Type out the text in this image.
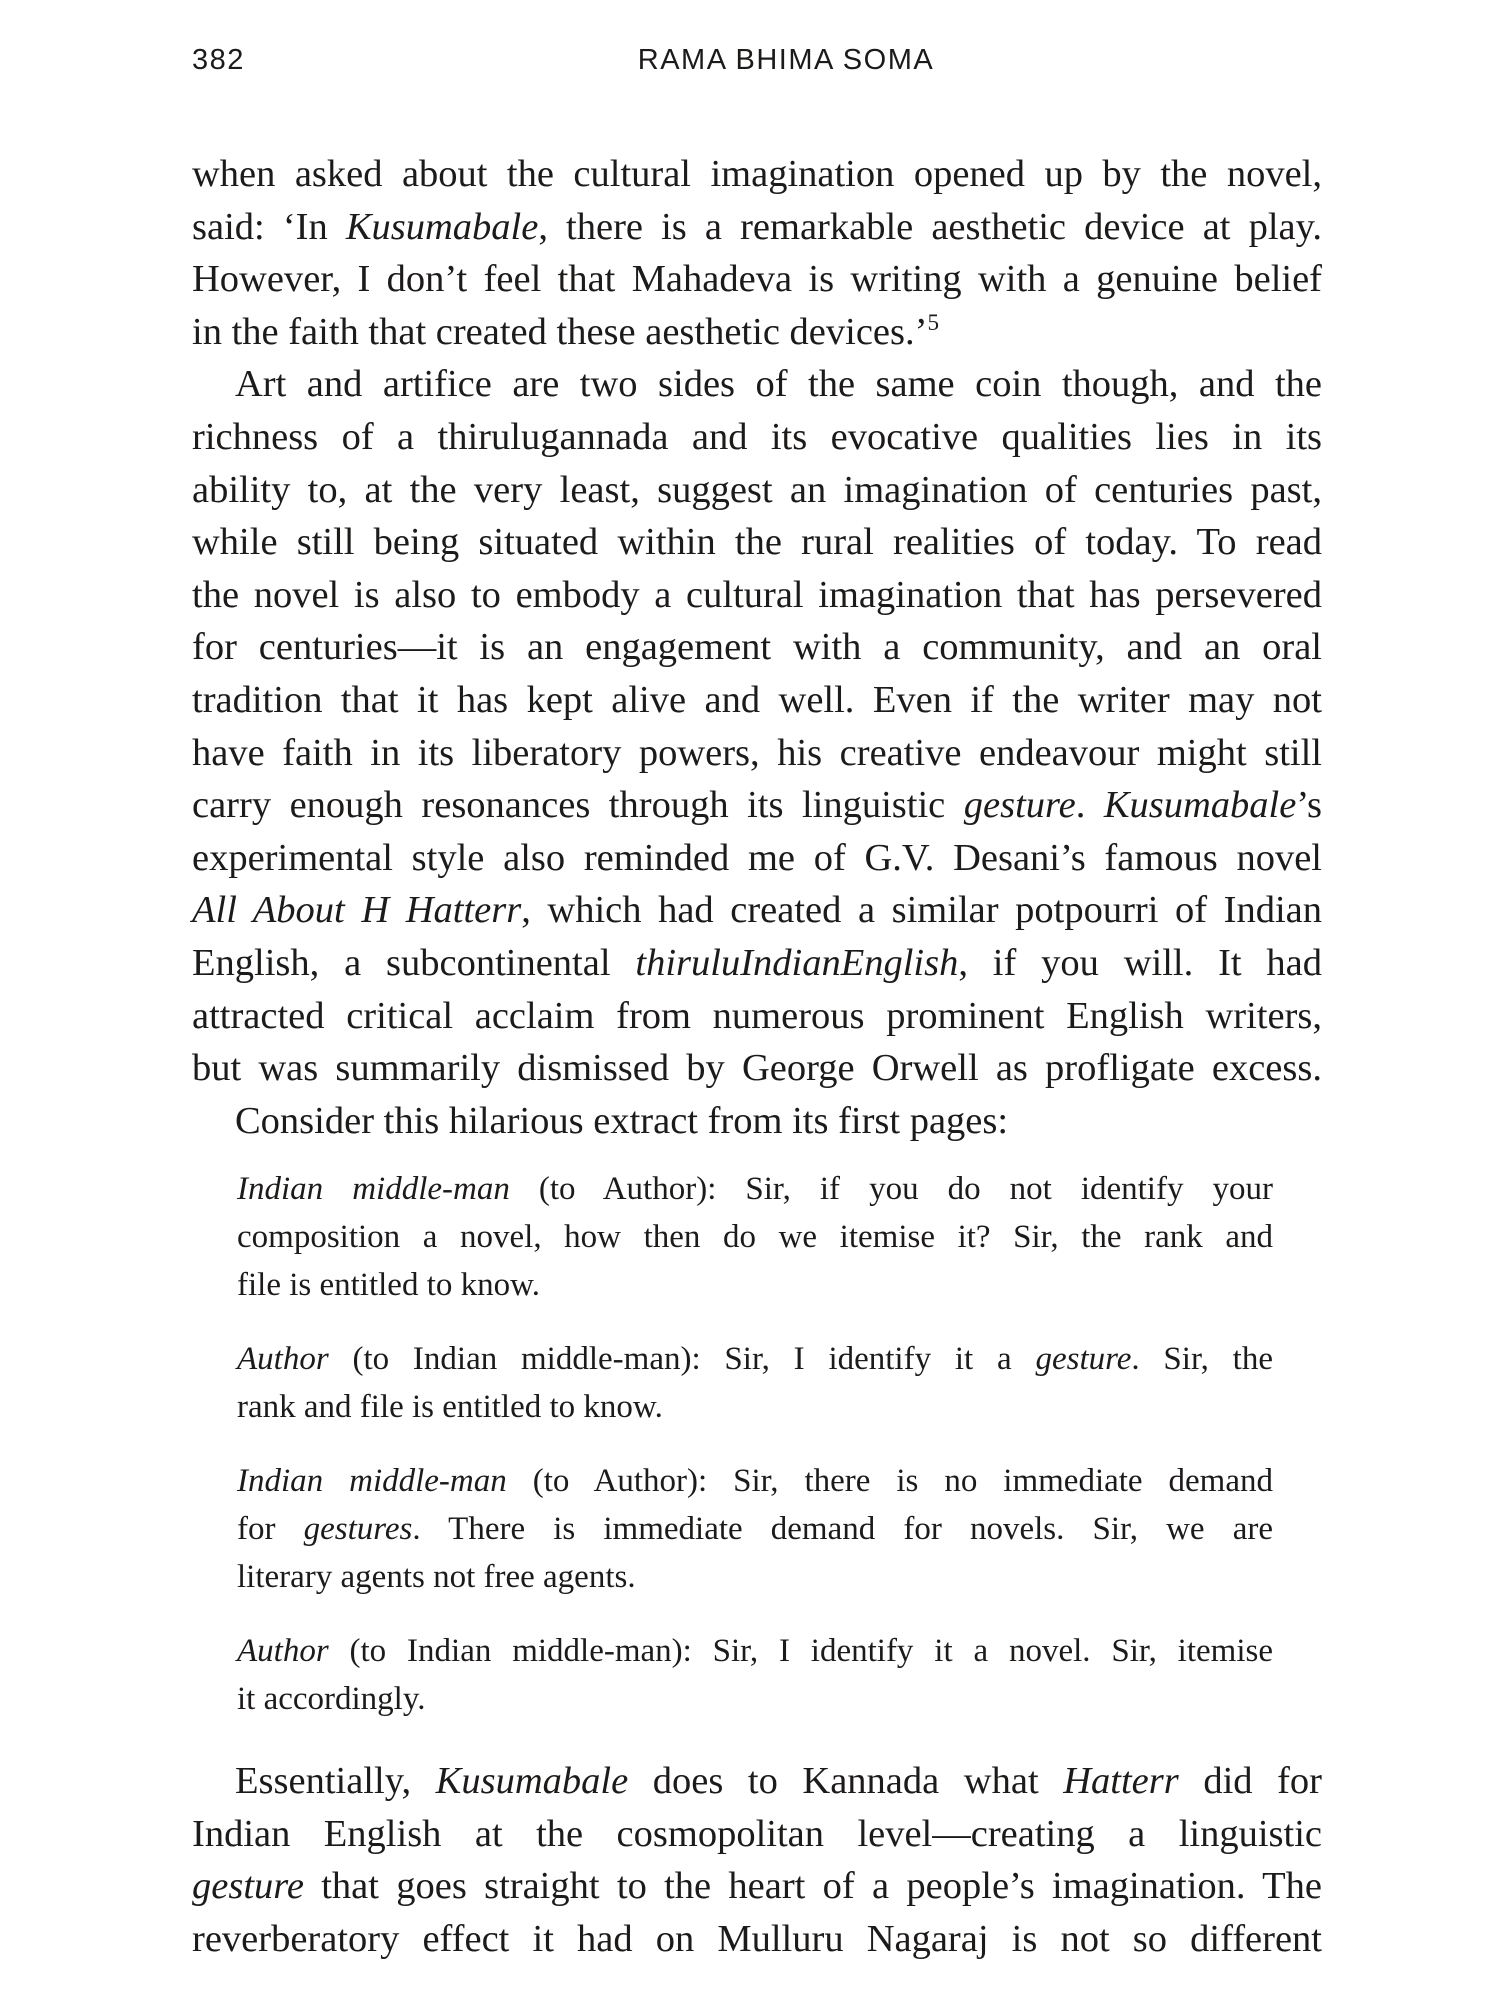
382	RAMA BHIMA SOMA
when asked about the cultural imagination opened up by the novel,
said: ‘In Kusumabale, there is a remarkable aesthetic device at play.
However, I don’t feel that Mahadeva is writing with a genuine belief
in the faith that created these aesthetic devices.’$^5$
Art and artifice are two sides of the same coin though, and the
richness of a thirulugannada and its evocative qualities lies in its
ability to, at the very least, suggest an imagination of centuries past,
while still being situated within the rural realities of today. To read
the novel is also to embody a cultural imagination that has persevered
for centuries—it is an engagement with a community, and an oral
tradition that it has kept alive and well. Even if the writer may not
have faith in its liberatory powers, his creative endeavour might still
carry enough resonances through its linguistic gesture. Kusumabale’s
experimental style also reminded me of G.V. Desani’s famous novel
All About H Hatterr, which had created a similar potpourri of Indian
English, a subcontinental thiruluIndianEnglish, if you will. It had
attracted critical acclaim from numerous prominent English writers,
but was summarily dismissed by George Orwell as profligate excess.
Consider this hilarious extract from its first pages:
Indian middle-man (to Author): Sir, if you do not identify your
composition a novel, how then do we itemise it? Sir, the rank and
file is entitled to know.
Author (to Indian middle-man): Sir, I identify it a gesture. Sir, the
rank and file is entitled to know.
Indian middle-man (to Author): Sir, there is no immediate demand
for gestures. There is immediate demand for novels. Sir, we are
literary agents not free agents.
Author (to Indian middle-man): Sir, I identify it a novel. Sir, itemise
it accordingly.
Essentially, Kusumabale does to Kannada what Hatterr did for
Indian English at the cosmopolitan level—creating a linguistic
gesture that goes straight to the heart of a people’s imagination. The
reverberatory effect it had on Mulluru Nagaraj is not so different
